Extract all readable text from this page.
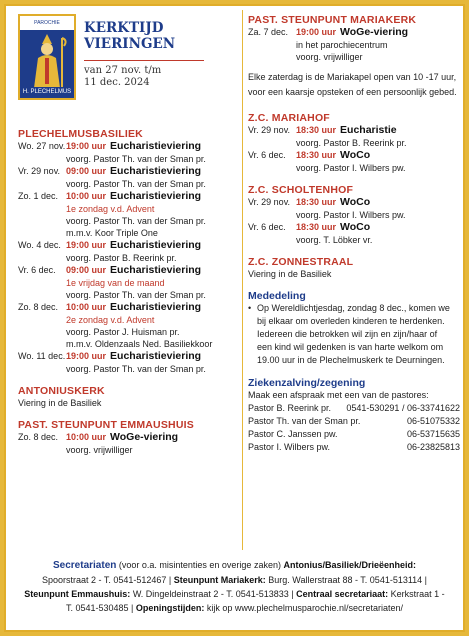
PAROCHIE
H. PLECHELMUS
KERKTIJD
VIERINGEN
van 27 nov. t/m
11 dec. 2024
PLECHELMUSBASILIEK
Wo. 27 nov. 19:00 uur Eucharistieviering
voorg. Pastor Th. van der Sman pr.
Vr. 29 nov. 09:00 uur Eucharistieviering
voorg. Pastor Th. van der Sman pr.
Zo. 1 dec. 10:00 uur Eucharistieviering
1e zondag v.d. Advent
voorg. Pastor Th. van der Sman pr.
m.m.v. Koor Triple One
Wo. 4 dec. 19:00 uur Eucharistieviering
voorg. Pastor B. Reerink pr.
Vr. 6 dec.	09:00 uur Eucharistieviering
1e vrijdag van de maand
voorg. Pastor Th. van der Sman pr.
Zo. 8 dec. 10:00 uur Eucharistieviering
2e zondag v.d. Advent
voorg. Pastor J. Huisman pr.
m.m.v. Oldenzaals Ned. Basiliekkoor
Wo. 11 dec. 19:00 uur Eucharistieviering
voorg. Pastor Th. van der Sman pr.
ANTONIUSKERK
Viering in de Basiliek
PAST. STEUNPUNT EMMAUSHUIS
Zo. 8 dec. 10:00 uur WoGe-viering
voorg. vrijwilliger
PAST. STEUNPUNT MARIAKERK
Za. 7 dec. 19:00 uur WoGe-viering
in het parochiecentrum
voorg. vrijwilliger
Elke zaterdag is de Mariakapel open van 10 -17 uur,
voor een kaarsje opsteken of een persoonlijk gebed.
Z.C. MARIAHOF
Vr. 29 nov. 18:30 uur Eucharistie
voorg. Pastor B. Reerink pr.
Vr. 6 dec.	18:30 uur WoCo
voorg. Pastor I. Wilbers pw.
Z.C. SCHOLTENHOF
Vr. 29 nov. 18:30 uur WoCo
voorg. Pastor I. Wilbers pw.
Vr. 6 dec.	18:30 uur WoCo
voorg. T. Löbker vr.
Z.C. ZONNESTRAAL
Viering in de Basiliek
Mededeling
• Op Wereldlichtjesdag, zondag 8 dec., komen we
bij elkaar om overleden kinderen te herdenken.
Iedereen die betrokken wil zijn en zijn/haar of
een kind wil gedenken is van harte welkom om
19.00 uur in de Plechelmuskerk te Deurningen.
Ziekenzalving/zegening
Maak een afspraak met een van de pastores:
Pastor B. Reerink pr. 0541-530291 / 06-33741622
Pastor Th. van der Sman pr.	06-51075332
Pastor C. Janssen pw.	06-53715635
Pastor I. Wilbers pw.	06-23825813
Secretariaten (voor o.a. misintenties en overige zaken) Antonius/Basiliek/Drieëenheid:
Spoorstraat 2 - T. 0541-512467 | Steunpunt Mariakerk: Burg. Wallerstraat 88 - T. 0541-513114 |
Steunpunt Emmaushuis: W. Dingeldeinstraat 2 - T. 0541-513833 | Centraal secretariaat: Kerkstraat 1 -
T. 0541-530485 | Openingstijden: kijk op www.plechelmusparochie.nl/secretariaten/
